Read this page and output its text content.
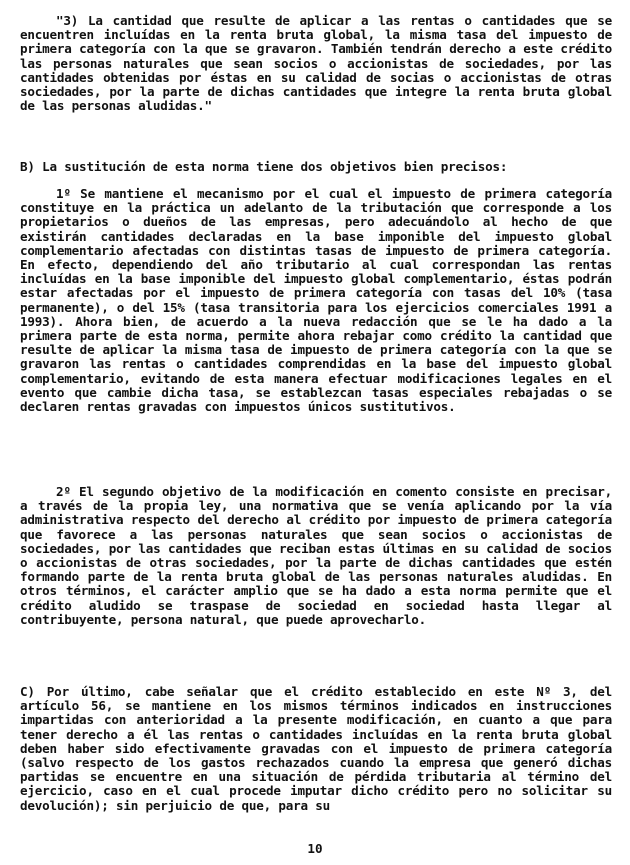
"3) La cantidad que resulte de aplicar a las rentas o cantidades que se encuentren incluídas en la renta bruta global, la misma tasa del impuesto de primera categoría con la que se gravaron. También tendrán derecho a este crédito las personas naturales que sean socios o accionistas de sociedades, por las cantidades obtenidas por éstas en su calidad de socias o accionistas de otras sociedades, por la parte de dichas cantidades que integre la renta bruta global de las personas aludidas."
B) La sustitución de esta norma tiene dos objetivos bien precisos:
1º Se mantiene el mecanismo por el cual el impuesto de primera categoría constituye en la práctica un adelanto de la tributación que corresponde a los propietarios o dueños de las empresas, pero adecuándolo al hecho de que existirán cantidades declaradas en la base imponible del impuesto global complementario afectadas con distintas tasas de impuesto de primera categoría. En efecto, dependiendo del año tributario al cual correspondan las rentas incluídas en la base imponible del impuesto global complementario, éstas podrán estar afectadas por el impuesto de primera categoría con tasas del 10% (tasa permanente), o del 15% (tasa transitoria para los ejercicios comerciales 1991 a 1993). Ahora bien, de acuerdo a la nueva redacción que se le ha dado a la primera parte de esta norma, permite ahora rebajar como crédito la cantidad que resulte de aplicar la misma tasa de impuesto de primera categoría con la que se gravaron las rentas o cantidades comprendidas en la base del impuesto global complementario, evitando de esta manera efectuar modificaciones legales en el evento que cambie dicha tasa, se establezcan tasas especiales rebajadas o se declaren rentas gravadas con impuestos únicos sustitutivos.
2º El segundo objetivo de la modificación en comento consiste en precisar, a través de la propia ley, una normativa que se venía aplicando por la vía administrativa respecto del derecho al crédito por impuesto de primera categoría que favorece a las personas naturales que sean socios o accionistas de sociedades, por las cantidades que reciban estas últimas en su calidad de socios o accionistas de otras sociedades, por la parte de dichas cantidades que estén formando parte de la renta bruta global de las personas naturales aludidas. En otros términos, el carácter amplio que se ha dado a esta norma permite que el crédito aludido se traspase de sociedad en sociedad hasta llegar al contribuyente, persona natural, que puede aprovecharlo.
C) Por último, cabe señalar que el crédito establecido en este Nº 3, del artículo 56, se mantiene en los mismos términos indicados en instrucciones impartidas con anterioridad a la presente modificación, en cuanto a que para tener derecho a él las rentas o cantidades incluídas en la renta bruta global deben haber sido efectivamente gravadas con el impuesto de primera categoría (salvo respecto de los gastos rechazados cuando la empresa que generó dichas partidas se encuentre en una situación de pérdida tributaria al término del ejercicio, caso en el cual procede imputar dicho crédito pero no solicitar su devolución); sin perjuicio de que, para su
10
